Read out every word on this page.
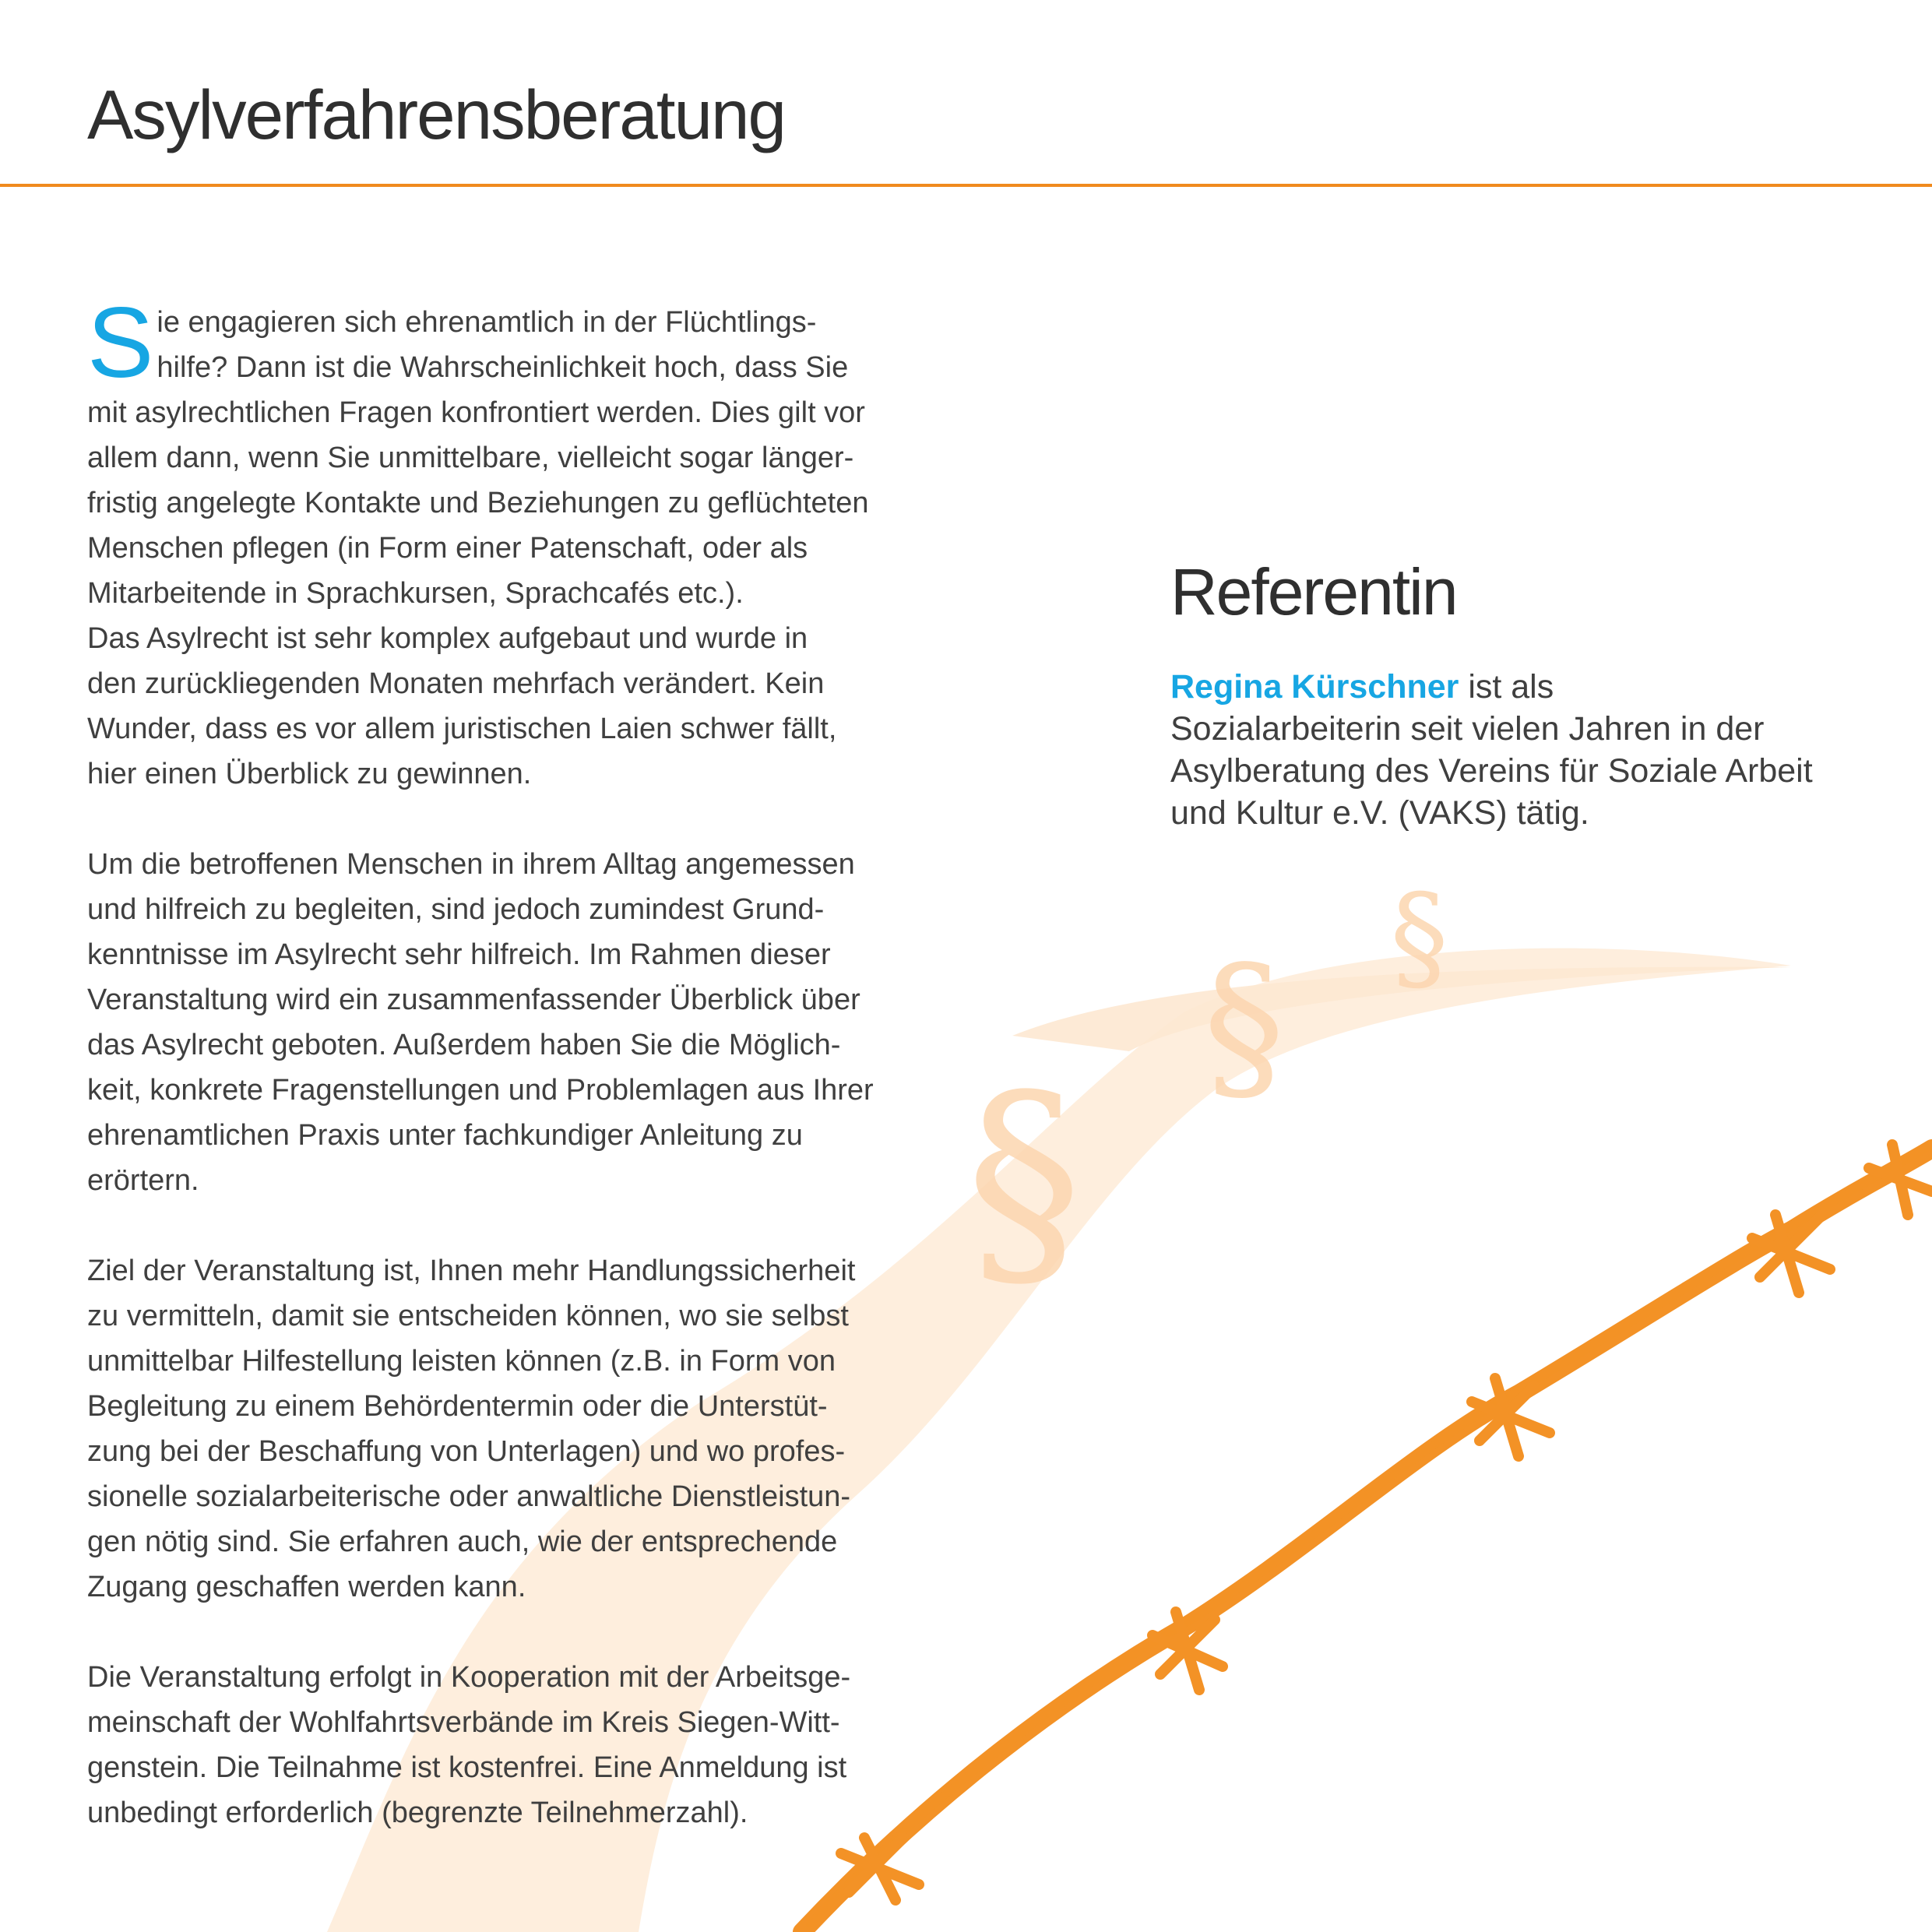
§
§ §
Asylverfahrensberatung

Sie engagieren sich ehrenamtlich in der Flüchtlings-
hilfe? Dann ist die Wahrscheinlichkeit hoch, dass Sie
mit asylrechtlichen Fragen konfrontiert werden. Dies gilt vor
allem dann, wenn Sie unmittelbare, vielleicht sogar länger-
fristig angelegte Kontakte und Beziehungen zu geflüchteten
Menschen pflegen (in Form einer Patenschaft, oder als
Mitarbeitende in Sprachkursen, Sprachcafés etc.).
Das Asylrecht ist sehr komplex aufgebaut und wurde in
den zurückliegenden Monaten mehrfach verändert. Kein
Wunder, dass es vor allem juristischen Laien schwer fällt,
hier einen Überblick zu gewinnen.

Um die betroffenen Menschen in ihrem Alltag angemessen
und hilfreich zu begleiten, sind jedoch zumindest Grund-
kenntnisse im Asylrecht sehr hilfreich. Im Rahmen dieser
Veranstaltung wird ein zusammenfassender Überblick über
das Asylrecht geboten. Außerdem haben Sie die Möglich-
keit, konkrete Fragenstellungen und Problemlagen aus Ihrer
ehrenamtlichen Praxis unter fachkundiger Anleitung zu
erörtern.

Ziel der Veranstaltung ist, Ihnen mehr Handlungssicherheit
zu vermitteln, damit sie entscheiden können, wo sie selbst
unmittelbar Hilfestellung leisten können (z.B. in Form von
Begleitung zu einem Behördentermin oder die Unterstüt-
zung bei der Beschaffung von Unterlagen) und wo profes-
sionelle sozialarbeiterische oder anwaltliche Dienstleistun-
gen nötig sind. Sie erfahren auch, wie der entsprechende
Zugang geschaffen werden kann.

Die Veranstaltung erfolgt in Kooperation mit der Arbeitsge-
meinschaft der Wohlfahrtsverbände im Kreis Siegen-Witt-
genstein. Die Teilnahme ist kostenfrei. Eine Anmeldung ist
unbedingt erforderlich (begrenzte Teilnehmerzahl).

Referentin

Regina Kürschner ist als
Sozialarbeiterin seit vielen Jahren in der
Asylberatung des Vereins für Soziale Arbeit
und Kultur e.V. (VAKS) tätig.
